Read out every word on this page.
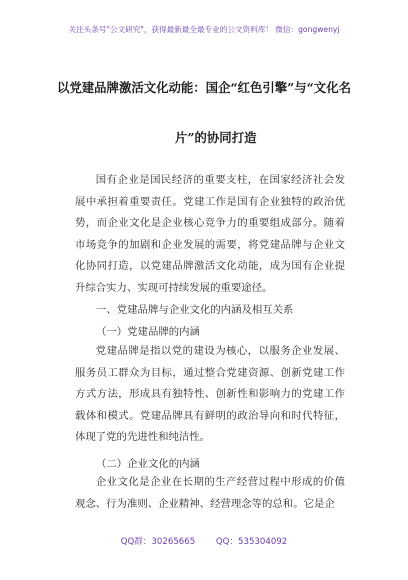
关注头条号"公文研究"，获得最新最全最专业的公文资料库！ 微信：gongwenyj
以党建品牌激活文化动能：国企“红色引擎”与“文化名
片”的协同打造
国有企业是国民经济的重要支柱，在国家经济社会发展中承担着重要责任。党建工作是国有企业独特的政治优势，而企业文化是企业核心竞争力的重要组成部分。随着市场竞争的加剧和企业发展的需要，将党建品牌与企业文化协同打造，以党建品牌激活文化动能，成为国有企业提升综合实力、实现可持续发展的重要途径。
一、党建品牌与企业文化的内涵及相互关系
（一）党建品牌的内涵
党建品牌是指以党的建设为核心，以服务企业发展、服务员工群众为目标，通过整合党建资源、创新党建工作方式方法，形成具有独特性、创新性和影响力的党建工作载体和模式。党建品牌具有鲜明的政治导向和时代特征，体现了党的先进性和纯洁性。
（二）企业文化的内涵
企业文化是企业在长期的生产经营过程中形成的价值观念、行为准则、企业精神、经营理念等的总和。它是企
QQ群：30265665 QQ：535304092
